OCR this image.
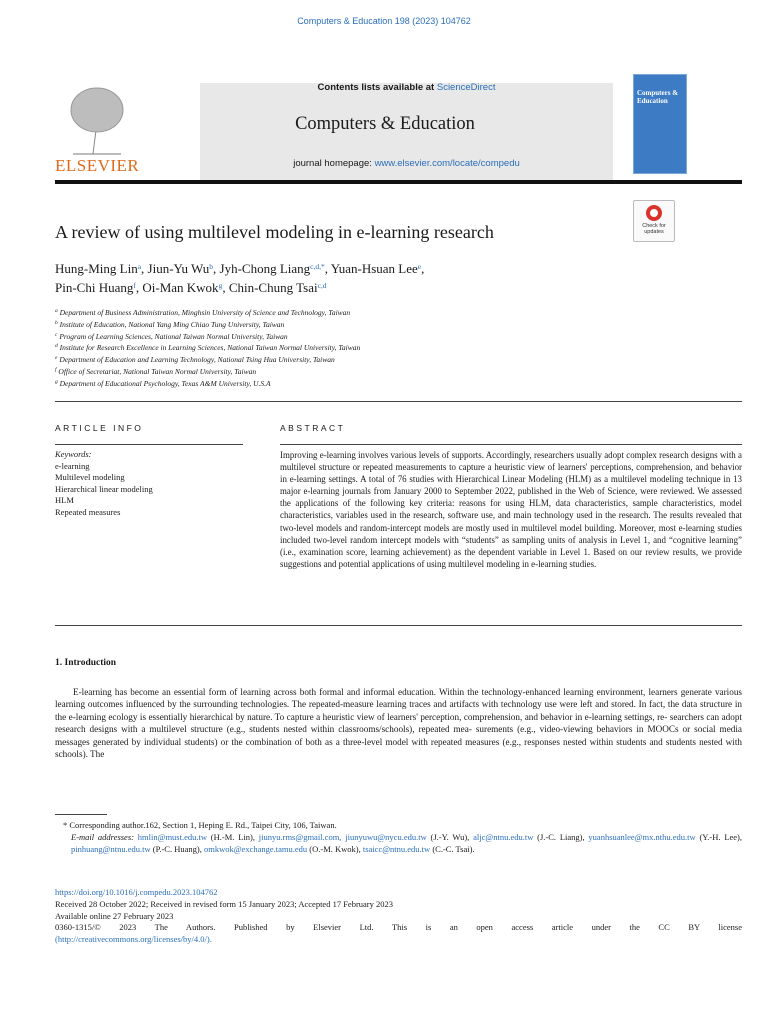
Computers & Education 198 (2023) 104762
ELSEVIER
Contents lists available at ScienceDirect
Computers & Education
journal homepage: www.elsevier.com/locate/compedu
Computers & Education
A review of using multilevel modeling in e-learning research	Check for updates
Hung-Ming Lin$^a$, Jiun-Yu Wu$^b$, Jyh-Chong Liang$^{c,d,*}$, Yuan-Hsuan Lee$^e$,
Pin-Chi Huang$^f$, Oi-Man Kwok$^g$, Chin-Chung Tsai$^{c,d}$
$^a$ Department of Business Administration, Minghsin University of Science and Technology, Taiwan
$^b$ Institute of Education, National Yang Ming Chiao Tung University, Taiwan
$^c$ Program of Learning Sciences, National Taiwan Normal University, Taiwan
$^d$ Institute for Research Excellence in Learning Sciences, National Taiwan Normal University, Taiwan
$^e$ Department of Education and Learning Technology, National Tsing Hua University, Taiwan
$^f$ Office of Secretariat, National Taiwan Normal University, Taiwan
$^g$ Department of Educational Psychology, Texas A&M University, U.S.A
ARTICLE INFO	ABSTRACT
Keywords:
e-learning
Multilevel modeling
Hierarchical linear modeling
HLM
Repeated measures
Improving e-learning involves various levels of supports. Accordingly, researchers usually adopt complex research designs with a multilevel structure or repeated measurements to capture a heuristic view of learners' perceptions, comprehension, and behavior in e-learning settings. A total of 76 studies with Hierarchical Linear Modeling (HLM) as a multilevel modeling technique in 13 major e-learning journals from January 2000 to September 2022, published in the Web of Science, were reviewed. We assessed the applications of the following key criteria: reasons for using HLM, data characteristics, sample characteristics, model characteristics, variables used in the research, software use, and main technology used in the research. The results revealed that two-level models and random-intercept models are mostly used in multilevel model building. Moreover, most e-learning studies included two-level random intercept models with “students” as sampling units of analysis in Level 1, and “cognitive learning” (i.e., examination score, learning achievement) as the dependent variable in Level 1. Based on our review results, we provide suggestions and potential applications of using multilevel modeling in e-learning studies.
1. Introduction
E-learning has become an essential form of learning across both formal and informal education. Within the technology-enhanced learning environment, learners generate various learning outcomes influenced by the surrounding technologies. The repeated-measure learning traces and artifacts with technology use were left and stored. In fact, the data structure in the e-learning ecology is essentially hierarchical by nature. To capture a heuristic view of learners' perception, comprehension, and behavior in e-learning settings, re- searchers can adopt research designs with a multilevel structure (e.g., students nested within classrooms/schools), repeated mea- surements (e.g., video-viewing behaviors in MOOCs or social media messages generated by individual students) or the combination of both as a three-level model with repeated measures (e.g., responses nested within students and students nested with schools). The
* Corresponding author.162, Section 1, Heping E. Rd., Taipei City, 106, Taiwan.
E-mail addresses: hmlin@must.edu.tw (H.-M. Lin), jiunyu.rms@gmail.com, jiunyuwu@nycu.edu.tw (J.-Y. Wu), aljc@ntnu.edu.tw (J.-C. Liang), yuanhsuanlee@mx.nthu.edu.tw (Y.-H. Lee), pinhuang@ntnu.edu.tw (P.-C. Huang), omkwok@exchange.tamu.edu (O.-M. Kwok), tsaicc@ntnu.edu.tw (C.-C. Tsai).
https://doi.org/10.1016/j.compedu.2023.104762
Received 28 October 2022; Received in revised form 15 January 2023; Accepted 17 February 2023
Available online 27 February 2023
0360-1315/© 2023 The Authors. Published by Elsevier Ltd. This is an open access article under the CC BY license
(http://creativecommons.org/licenses/by/4.0/).
